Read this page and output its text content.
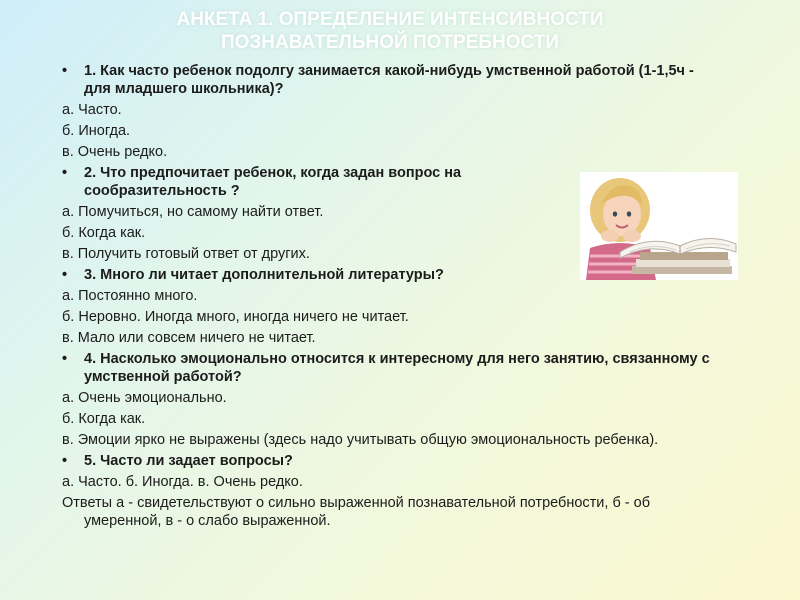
АНКЕТА 1. ОПРЕДЕЛЕНИЕ ИНТЕНСИВНОСТИ
ПОЗНАВАТЕЛЬНОЙ ПОТРЕБНОСТИ
• 1. Как часто ребенок подолгу занимается какой-нибудь умственной работой (1-1,5ч - для младшего школьника)?
а. Часто.
б. Иногда.
в. Очень редко.
• 2. Что предпочитает ребенок, когда задан вопрос на сообразительность ?
а. Помучиться, но самому найти ответ.
б. Когда как.
в. Получить готовый ответ от других.
• 3. Много ли читает дополнительной литературы?
а. Постоянно много.
б. Неровно. Иногда много, иногда ничего не читает.
в. Мало или совсем ничего не читает.
• 4. Насколько эмоционально относится к интересному для него занятию, связанному с умственной работой?
а. Очень эмоционально.
б. Когда как.
в. Эмоции ярко не выражены (здесь надо учитывать общую эмоциональность ребенка).
• 5. Часто ли задает вопросы?
а. Часто. б. Иногда. в. Очень редко.
Ответы а - свидетельствуют о сильно выраженной познавательной потребности, б - об умеренной, в - о слабо выраженной.
